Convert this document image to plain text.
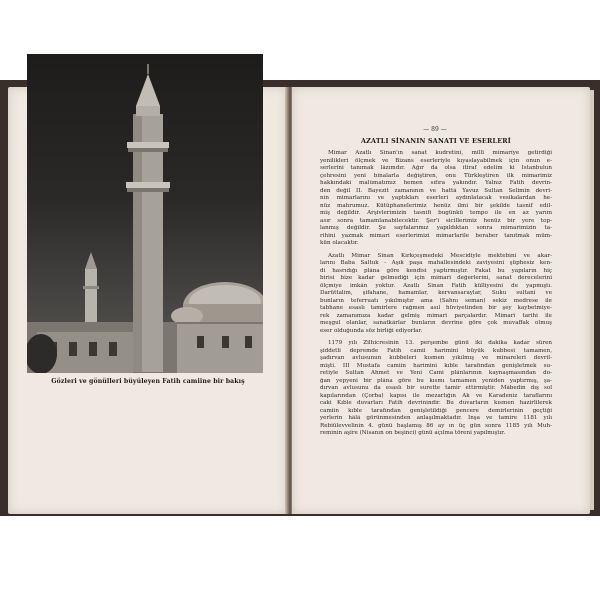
Gözleri ve gönülleri büyüleyen Fatih camiine bir bakış
— 89 —
AZATLI SİNANIN SANATI VE ESERLERİ

Mimar Azatlı Sinan'ın sanat kudretini, millî mimarîye getirdiği
yenilikleri ölçmek ve Bizans eserleriyle kıyaslayabilmek için onun e-
serlerini tanımak lâzımdır. Ağır da olsa itiraf edelim ki İstanbulun
çehresini yeni binalarla değiştiren, onu Türkleştiren ilk mimarimiz
hakkındaki malûmatımız hemen sıfıra yakındır. Yalnız Fatih devrin-
den değil II. Bayezit zamanının ve hattâ Yavuz Sultan Selimin devri-
nin mimarlarını ve yaptıkları eserleri aydınlatacak vesikalardan he-
nüz mahrumuz. Kütüphanelerimiz henüz ilmî bir şekilde tasnif edil-
miş değildir. Arşivlerimizin tasnifi bugünkü tempo ile en az yarım
asır sonra tamamlanabilecektir. Şer'î sicillerimiz henüz bir yere top-
lanmış değildir. Şu sayfalarımız yapıldıktan sonra mimarimizin ta-
rihini yazmak mimarî eserlerimizi mimarlarile beraber tanıtmak müm-
kün olacaktır.

Azatlı Mimar Sinan Kırkçeşmedeki Mescidiyle mektebini ve akar-
larını Baba Saltuk - Aşık paşa mahallesindeki zaviyesini şüphesiz ken-
di hasrıdığı plâna göre kendisi yaptırmıştır. Fakat bu yapıların hiç
birisi bize kadar gelmediği için mimarî değerlerini, sanat derecelerini
ölçmiye imkân yoktur. Azatlı Sinan Fatih külliyesini de yapmıştı.
Darüttalim, şifahane, hamamlar, kervansaraylar, Suku sultani ve
bunların teferruatı yıkılmıştır ama (Sahnı seman) sekiz medrese ile
tabhane esaslı tamirlere rağmen asıl hüviyetinden bir şey kaybetmiye-
rek zamanımıza kadar gelmiş mimarî parçalardır. Mimarî tarihi ile
meşgul olanlar, sanatkârlar bunların devrine göre çok muvaffak olmuş
eser olduğunda söz birliği ediyorlar.

1179 yılı Zilhicresinin 13. perşembe günü iki dakika kadar süren
şiddetli depremde Fatih camii harimini büyük kubbesi tamamen,
şadırvan avlusunun kubbeleri kısmen yıkılmış ve minareleri devril-
mişti. III Mustafa camiin harimini kıble tarafından genişletmek su-
retiyle Sultan Ahmet ve Yeni Cami plânlarının kaynaşmasından do-
ğan yepyeni bir plâna göre bu kısmı tamamen yeniden yaptırmış, şa-
dırvan avlusunu da esaslı bir surette tamir ettirmiştir. Mâbedin dış sol
kapılarından (Çorba) kapısı ile mezarlığın Ak ve Karadeniz taraflarını
caki Kıble duvarları Fatih devrinindir. Bu duvarların kısmen hazirlilerek
camiin kıble tarafından genişletildiği pencere demirlerinin geçtiği
yerlerin hâlâ görünmesinden anlaşılmaktadır. İnşa ve tamire 1181 yılı
Rebiülevvelinin 4. günü başlamış 86 ay ın üç gün sonra 1185 yılı Muh-
reminin aşîre (Nisanın on beşinci) günü açılma töreni yapılmıştır.
